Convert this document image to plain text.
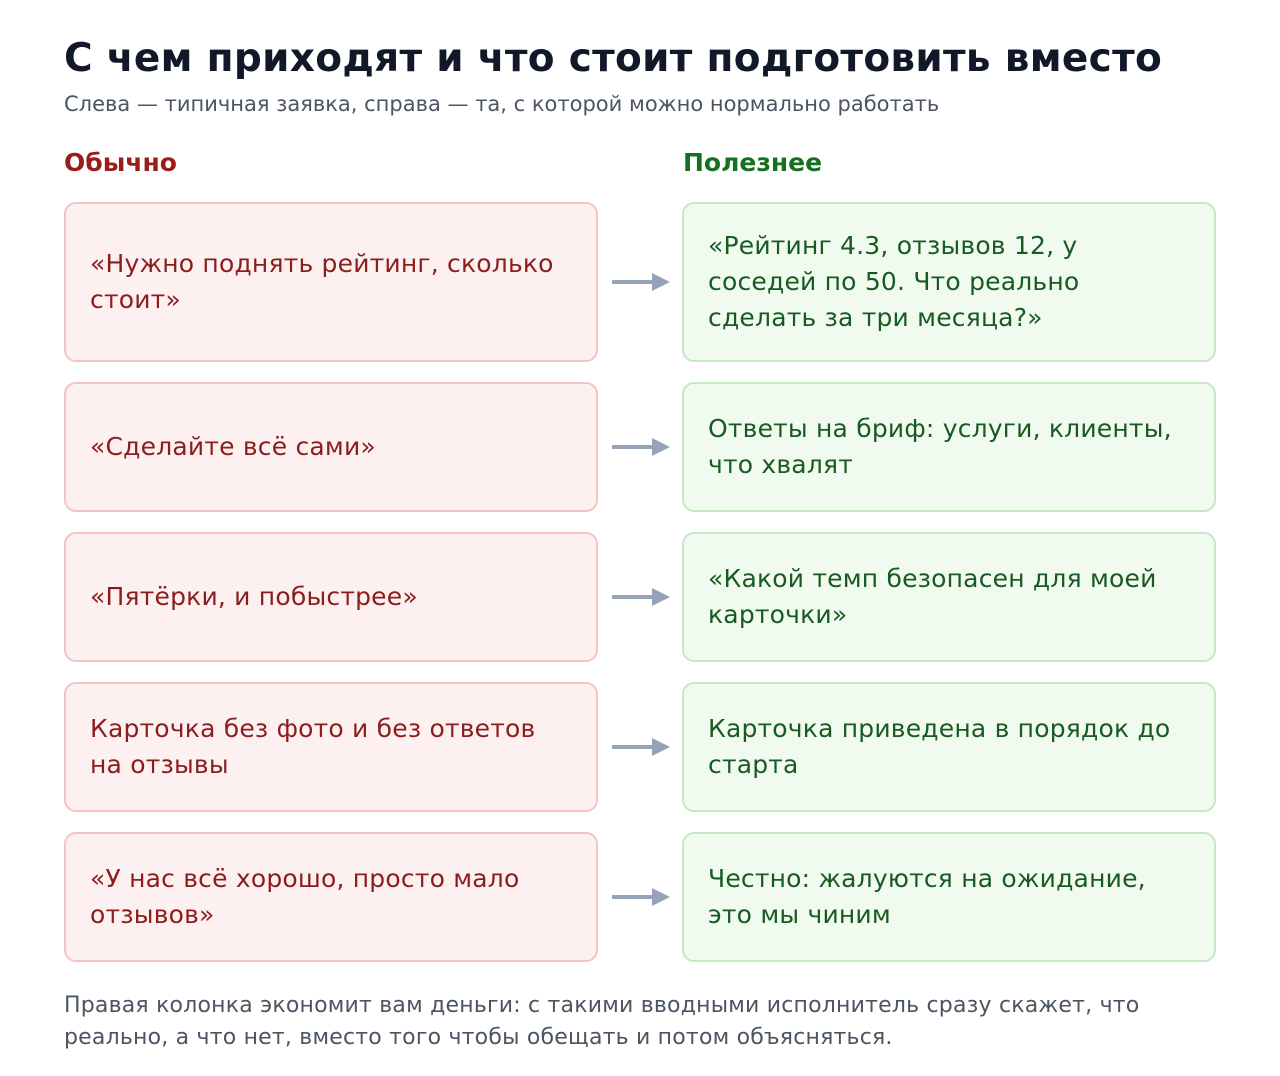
С чем приходят и что стоит подготовить вместо

Слева — типичная заявка, справа — та, с которой можно нормально работать

Обычно	Полезнее
«Нужно поднять рейтинг, сколько стоит»
«Рейтинг 4.3, отзывов 12, у соседей по 50. Что реально сделать за три месяца?»
«Сделайте всё сами»
Ответы на бриф: услуги, клиенты, что хвалят
«Пятёрки, и побыстрее»
«Какой темп безопасен для моей карточки»
Карточка без фото и без ответов на отзывы
Карточка приведена в порядок до старта
«У нас всё хорошо, просто мало отзывов»
Честно: жалуются на ожидание, это мы чиним

Правая колонка экономит вам деньги: с такими вводными исполнитель сразу скажет, что реально, а что нет, вместо того чтобы обещать и потом объясняться.
